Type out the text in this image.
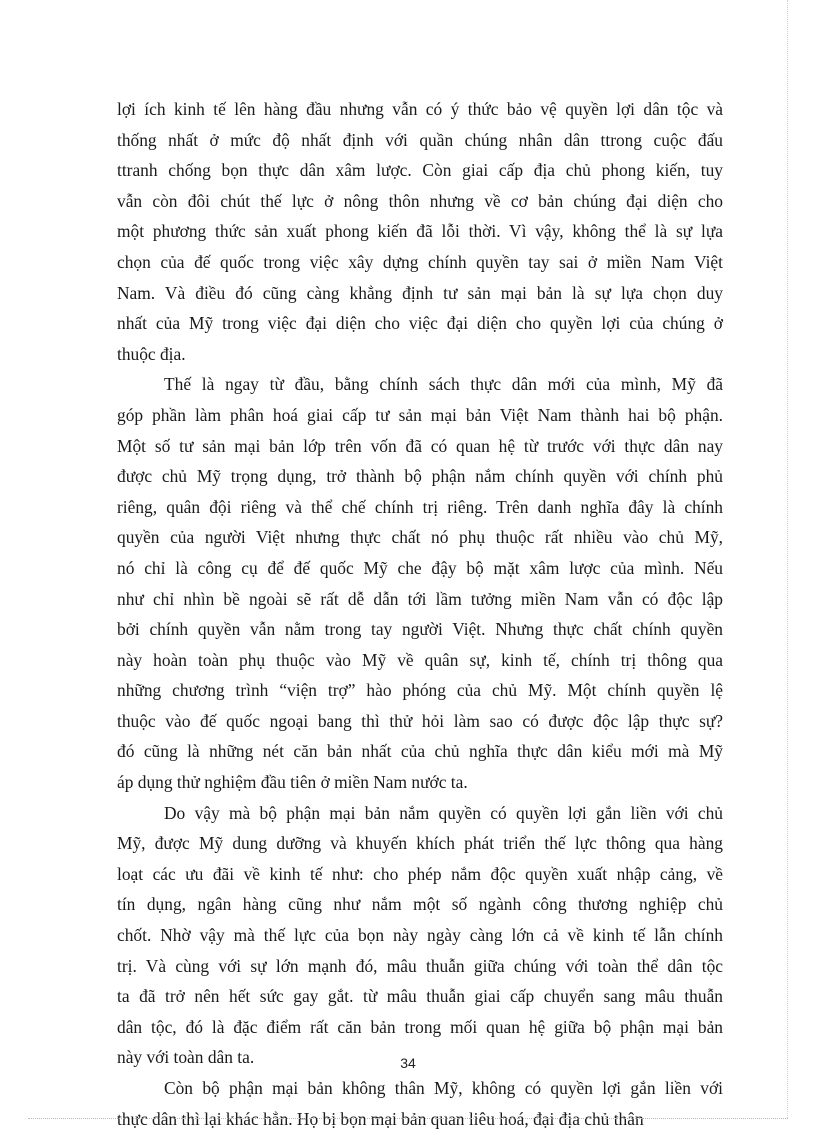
lợi ích kinh tế lên hàng đầu nhưng vẫn có ý thức bảo vệ quyền lợi dân tộc và
thống nhất ở mức độ nhất định với quần chúng nhân dân ttrong cuộc đấu
ttranh chống bọn thực dân xâm lược. Còn giai cấp địa chủ phong kiến, tuy
vẫn còn đôi chút thế lực ở nông thôn nhưng về cơ bản chúng đại diện cho
một phương thức sản xuất phong kiến đã lỗi thời. Vì vậy, không thể là sự lựa
chọn của đế quốc trong việc xây dựng chính quyền tay sai ở miền Nam Việt
Nam. Và điều đó cũng càng khẳng định tư sản mại bản là sự lựa chọn duy
nhất của Mỹ trong việc đại diện cho việc đại diện cho quyền lợi của chúng ở
thuộc địa.
Thế là ngay từ đầu, bằng chính sách thực dân mới của mình, Mỹ đã
góp phần làm phân hoá giai cấp tư sản mại bản Việt Nam thành hai bộ phận.
Một số tư sản mại bản lớp trên vốn đã có quan hệ từ trước với thực dân nay
được chủ Mỹ trọng dụng, trở thành bộ phận nắm chính quyền với chính phủ
riêng, quân đội riêng và thể chế chính trị riêng. Trên danh nghĩa đây là chính
quyền của người Việt nhưng thực chất nó phụ thuộc rất nhiều vào chủ Mỹ,
nó chỉ là công cụ để đế quốc Mỹ che đậy bộ mặt xâm lược của mình. Nếu
như chỉ nhìn bề ngoài sẽ rất dễ dẫn tới lầm tưởng miền Nam vẫn có độc lập
bởi chính quyền vẫn nằm trong tay người Việt. Nhưng thực chất chính quyền
này hoàn toàn phụ thuộc vào Mỹ về quân sự, kinh tế, chính trị thông qua
những chương trình “viện trợ” hào phóng của chủ Mỹ. Một chính quyền lệ
thuộc vào đế quốc ngoại bang thì thử hỏi làm sao có được độc lập thực sự?
đó cũng là những nét căn bản nhất của chủ nghĩa thực dân kiểu mới mà Mỹ
áp dụng thử nghiệm đầu tiên ở miền Nam nước ta.
Do vậy mà bộ phận mại bản nắm quyền có quyền lợi gắn liền với chủ
Mỹ, được Mỹ dung dưỡng và khuyến khích phát triển thế lực thông qua hàng
loạt các ưu đãi về kinh tế như: cho phép nắm độc quyền xuất nhập cảng, về
tín dụng, ngân hàng cũng như nắm một số ngành công thương nghiệp chủ
chốt. Nhờ vậy mà thế lực của bọn này ngày càng lớn cả về kinh tế lẫn chính
trị. Và cùng với sự lớn mạnh đó, mâu thuẫn giữa chúng với toàn thể dân tộc
ta đã trở nên hết sức gay gắt. từ mâu thuẫn giai cấp chuyển sang mâu thuẫn
dân tộc, đó là đặc điểm rất căn bản trong mối quan hệ giữa bộ phận mại bản
này với toàn dân ta.
Còn bộ phận mại bản không thân Mỹ, không có quyền lợi gắn liền với
thực dân thì lại khác hẳn. Họ bị bọn mại bản quan liêu hoá, đại địa chủ thân
34
